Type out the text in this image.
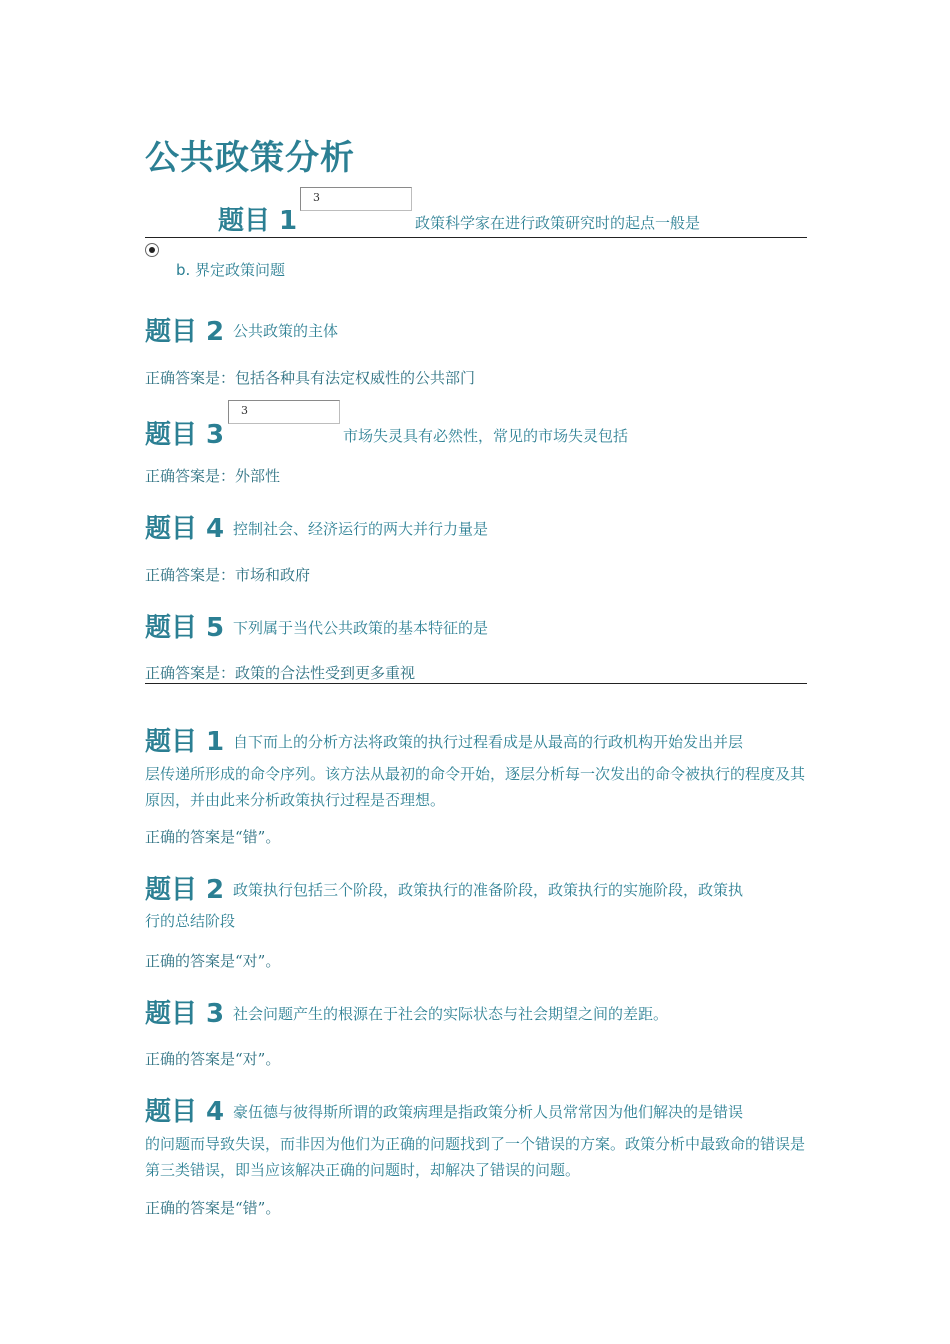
公共政策分析
题目 1
3
政策科学家在进行政策研究时的起点一般是
b. 界定政策问题
题目 2 公共政策的主体
正确答案是：包括各种具有法定权威性的公共部门
题目 3
3
市场失灵具有必然性，常见的市场失灵包括
正确答案是：外部性
题目 4 控制社会、经济运行的两大并行力量是
正确答案是：市场和政府
题目 5 下列属于当代公共政策的基本特征的是
正确答案是：政策的合法性受到更多重视
题目 1 自下而上的分析方法将政策的执行过程看成是从最高的行政机构开始发出并层
层传递所形成的命令序列。该方法从最初的命令开始，逐层分析每一次发出的命令被执行的程度及其原因，并由此来分析政策执行过程是否理想。
正确的答案是“错”。
题目 2 政策执行包括三个阶段，政策执行的准备阶段，政策执行的实施阶段，政策执
行的总结阶段
正确的答案是“对”。
题目 3 社会问题产生的根源在于社会的实际状态与社会期望之间的差距。
正确的答案是“对”。
题目 4 豪伍德与彼得斯所谓的政策病理是指政策分析人员常常因为他们解决的是错误
的问题而导致失误，而非因为他们为正确的问题找到了一个错误的方案。政策分析中最致命的错误是第三类错误，即当应该解决正确的问题时，却解决了错误的问题。
正确的答案是“错”。
